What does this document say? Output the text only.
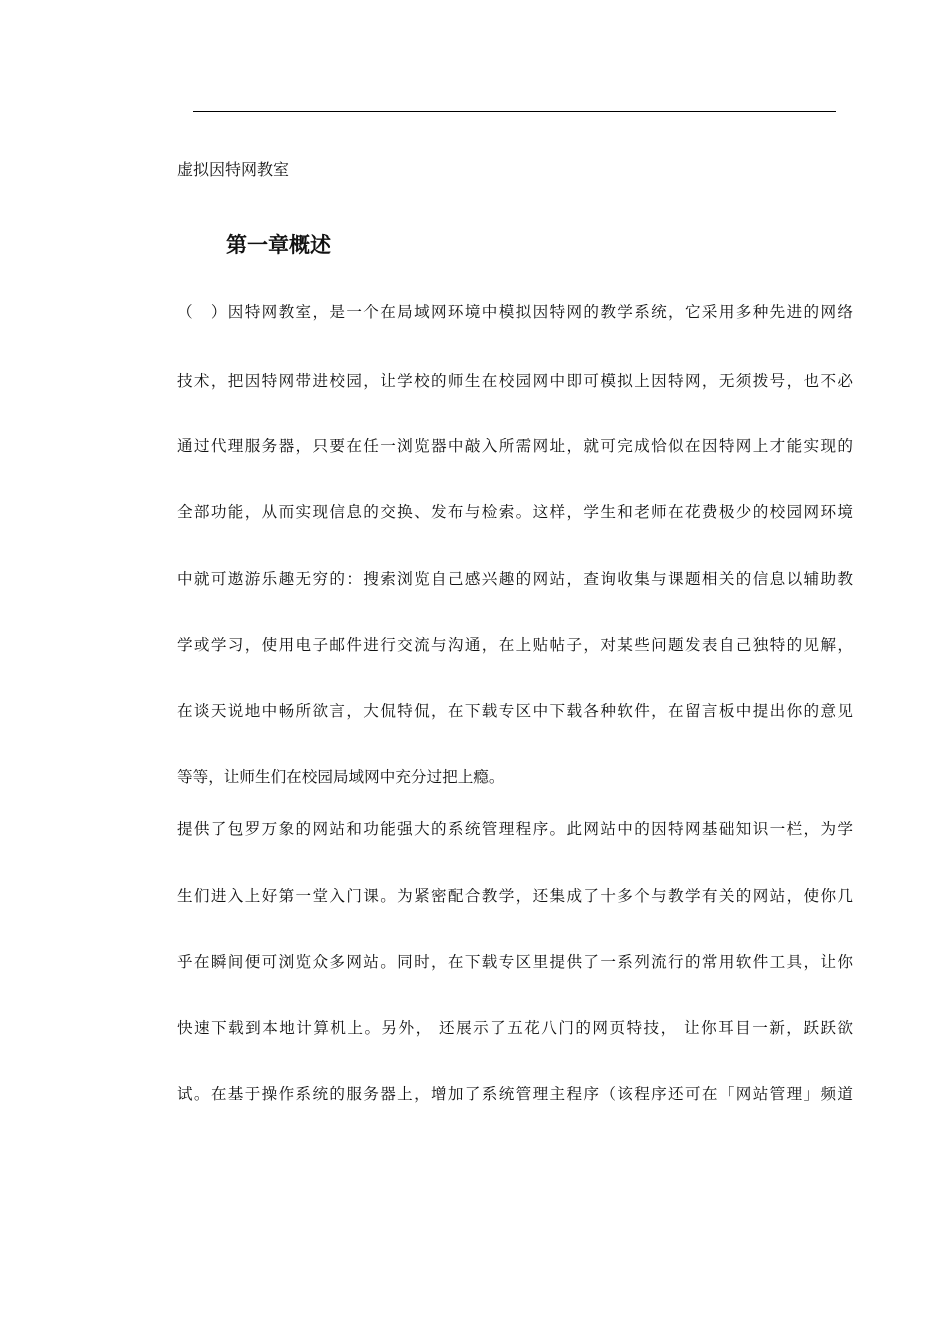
虚拟因特网教室
第一章概述
（　）因特网教室，是一个在局域网环境中模拟因特网的教学系统，它采用多种先进的网络
技术，把因特网带进校园，让学校的师生在校园网中即可模拟上因特网，无须拨号，也不必
通过代理服务器，只要在任一浏览器中敲入所需网址，就可完成恰似在因特网上才能实现的
全部功能，从而实现信息的交换、发布与检索。这样，学生和老师在花费极少的校园网环境
中就可遨游乐趣无穷的：搜索浏览自己感兴趣的网站，查询收集与课题相关的信息以辅助教
学或学习，使用电子邮件进行交流与沟通，在上贴帖子，对某些问题发表自己独特的见解，
在谈天说地中畅所欲言，大侃特侃，在下载专区中下载各种软件，在留言板中提出你的意见
等等，让师生们在校园局域网中充分过把上瘾。
提供了包罗万象的网站和功能强大的系统管理程序。此网站中的因特网基础知识一栏，为学
生们进入上好第一堂入门课。为紧密配合教学，还集成了十多个与教学有关的网站，使你几
乎在瞬间便可浏览众多网站。同时，在下载专区里提供了一系列流行的常用软件工具，让你
快速下载到本地计算机上。另外， 还展示了五花八门的网页特技， 让你耳目一新，跃跃欲
试。在基于操作系统的服务器上，增加了系统管理主程序（该程序还可在「网站管理」频道
